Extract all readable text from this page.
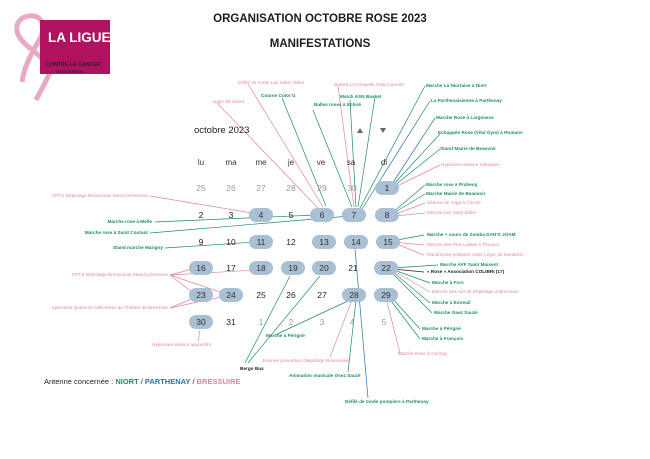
LA LIGUE
CONTRE LE CANCER
Deux-Sèvres
ORGANISATION OCTOBRE ROSE 2023
MANIFESTATIONS
octobre 2023
lu	ma	me	je	ve	sa	di
25	26	27	28	29	30	1
2	3	4	5	6	7	8
9	10	11	12	13	14	15
16	17	18	19	20	21	22
23	24	25	26	27	28	29
30	31	1	2	3	4	5
Défilé de mode Les Salon' Elles	Basket La Chapelle Saint Laurent
Aggis 28 Stand
Course Color G	Match ASN Basket
Balles roses à Echiré
Marche La Niortaise à Niort
La Parthenaisienne à Parthenay
Marche Rose à Largeasse
Echappée Rose (Vital Gym) à Romans
Stand Mairie de Beauvoir
Hypnoses séance relaxation
Marche rose à Prahecq
Marche Mairie de Beauvoir
Séance de Yoga à Clessé
Marche Les Salon'Elles
CPTS Dépistage Bressuirais Stand prévention
Marche rose à Melle
Marche rose à Saint Coutant
Stand marché Marigny
Marche + cours de Zumba DAN'S JOAM
Marche des Pink Ladies à Thouars
Randonnée pédestre Saint Léger de Montbrun
Marche AVF Saint Maixent
« Rose » Association COLIBRI (17)
CPTS Dépistage Bressuirais Stand prévention
Marche à Fors
Marche des AZI de Dépistage à Bressuire
Marche à Exireuil
Marche Osez Sauzé
Spectacle Quatorze millimètres au Théâtre de Bressuire
Marche à Périgné
Marche à François
Hypnoses séance aquasofrn
Marche à Périgné
Journée prévention Dépistage Bressuirais
Marche Rose à Cerizay
Bergo Bus
Animation musicale Osez Sauzé
Défilé de mode pompiers à Parthenay
Antenne concernée : NIORT / PARTHENAY / BRESSUIRE
